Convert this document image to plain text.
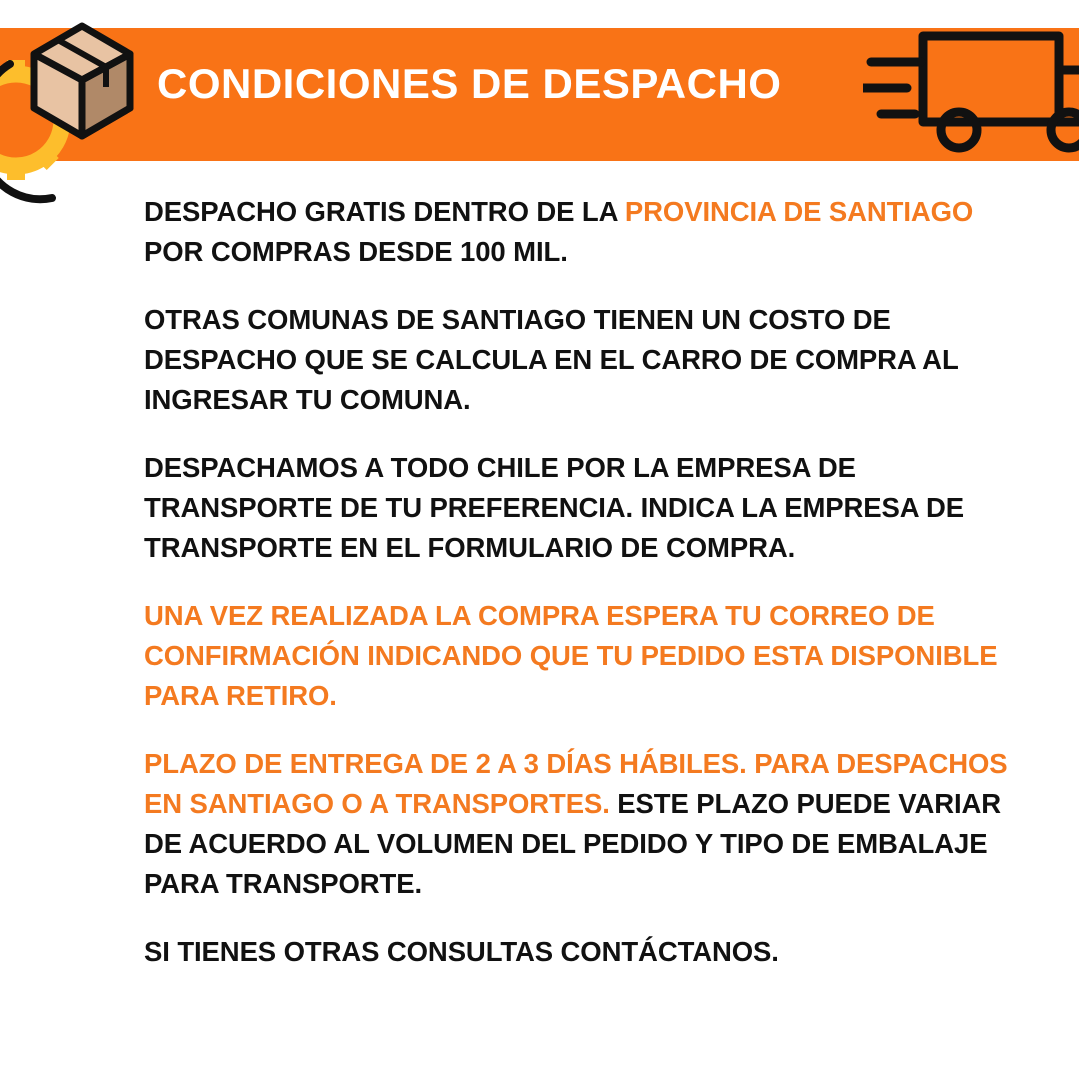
CONDICIONES DE DESPACHO

DESPACHO GRATIS DENTRO DE LA PROVINCIA DE SANTIAGO POR COMPRAS DESDE 100 MIL.

OTRAS COMUNAS DE SANTIAGO TIENEN UN COSTO DE DESPACHO QUE SE CALCULA EN EL CARRO DE COMPRA AL INGRESAR TU COMUNA.

DESPACHAMOS A TODO CHILE POR LA EMPRESA DE TRANSPORTE DE TU PREFERENCIA. INDICA LA EMPRESA DE TRANSPORTE EN EL FORMULARIO DE COMPRA.

UNA VEZ REALIZADA LA COMPRA ESPERA TU CORREO DE CONFIRMACIÓN INDICANDO QUE TU PEDIDO ESTA DISPONIBLE PARA RETIRO.

PLAZO DE ENTREGA DE 2 A 3 DÍAS HÁBILES. PARA DESPACHOS EN SANTIAGO O A TRANSPORTES. ESTE PLAZO PUEDE VARIAR DE ACUERDO AL VOLUMEN DEL PEDIDO Y TIPO DE EMBALAJE PARA TRANSPORTE.

SI TIENES OTRAS CONSULTAS CONTÁCTANOS.
